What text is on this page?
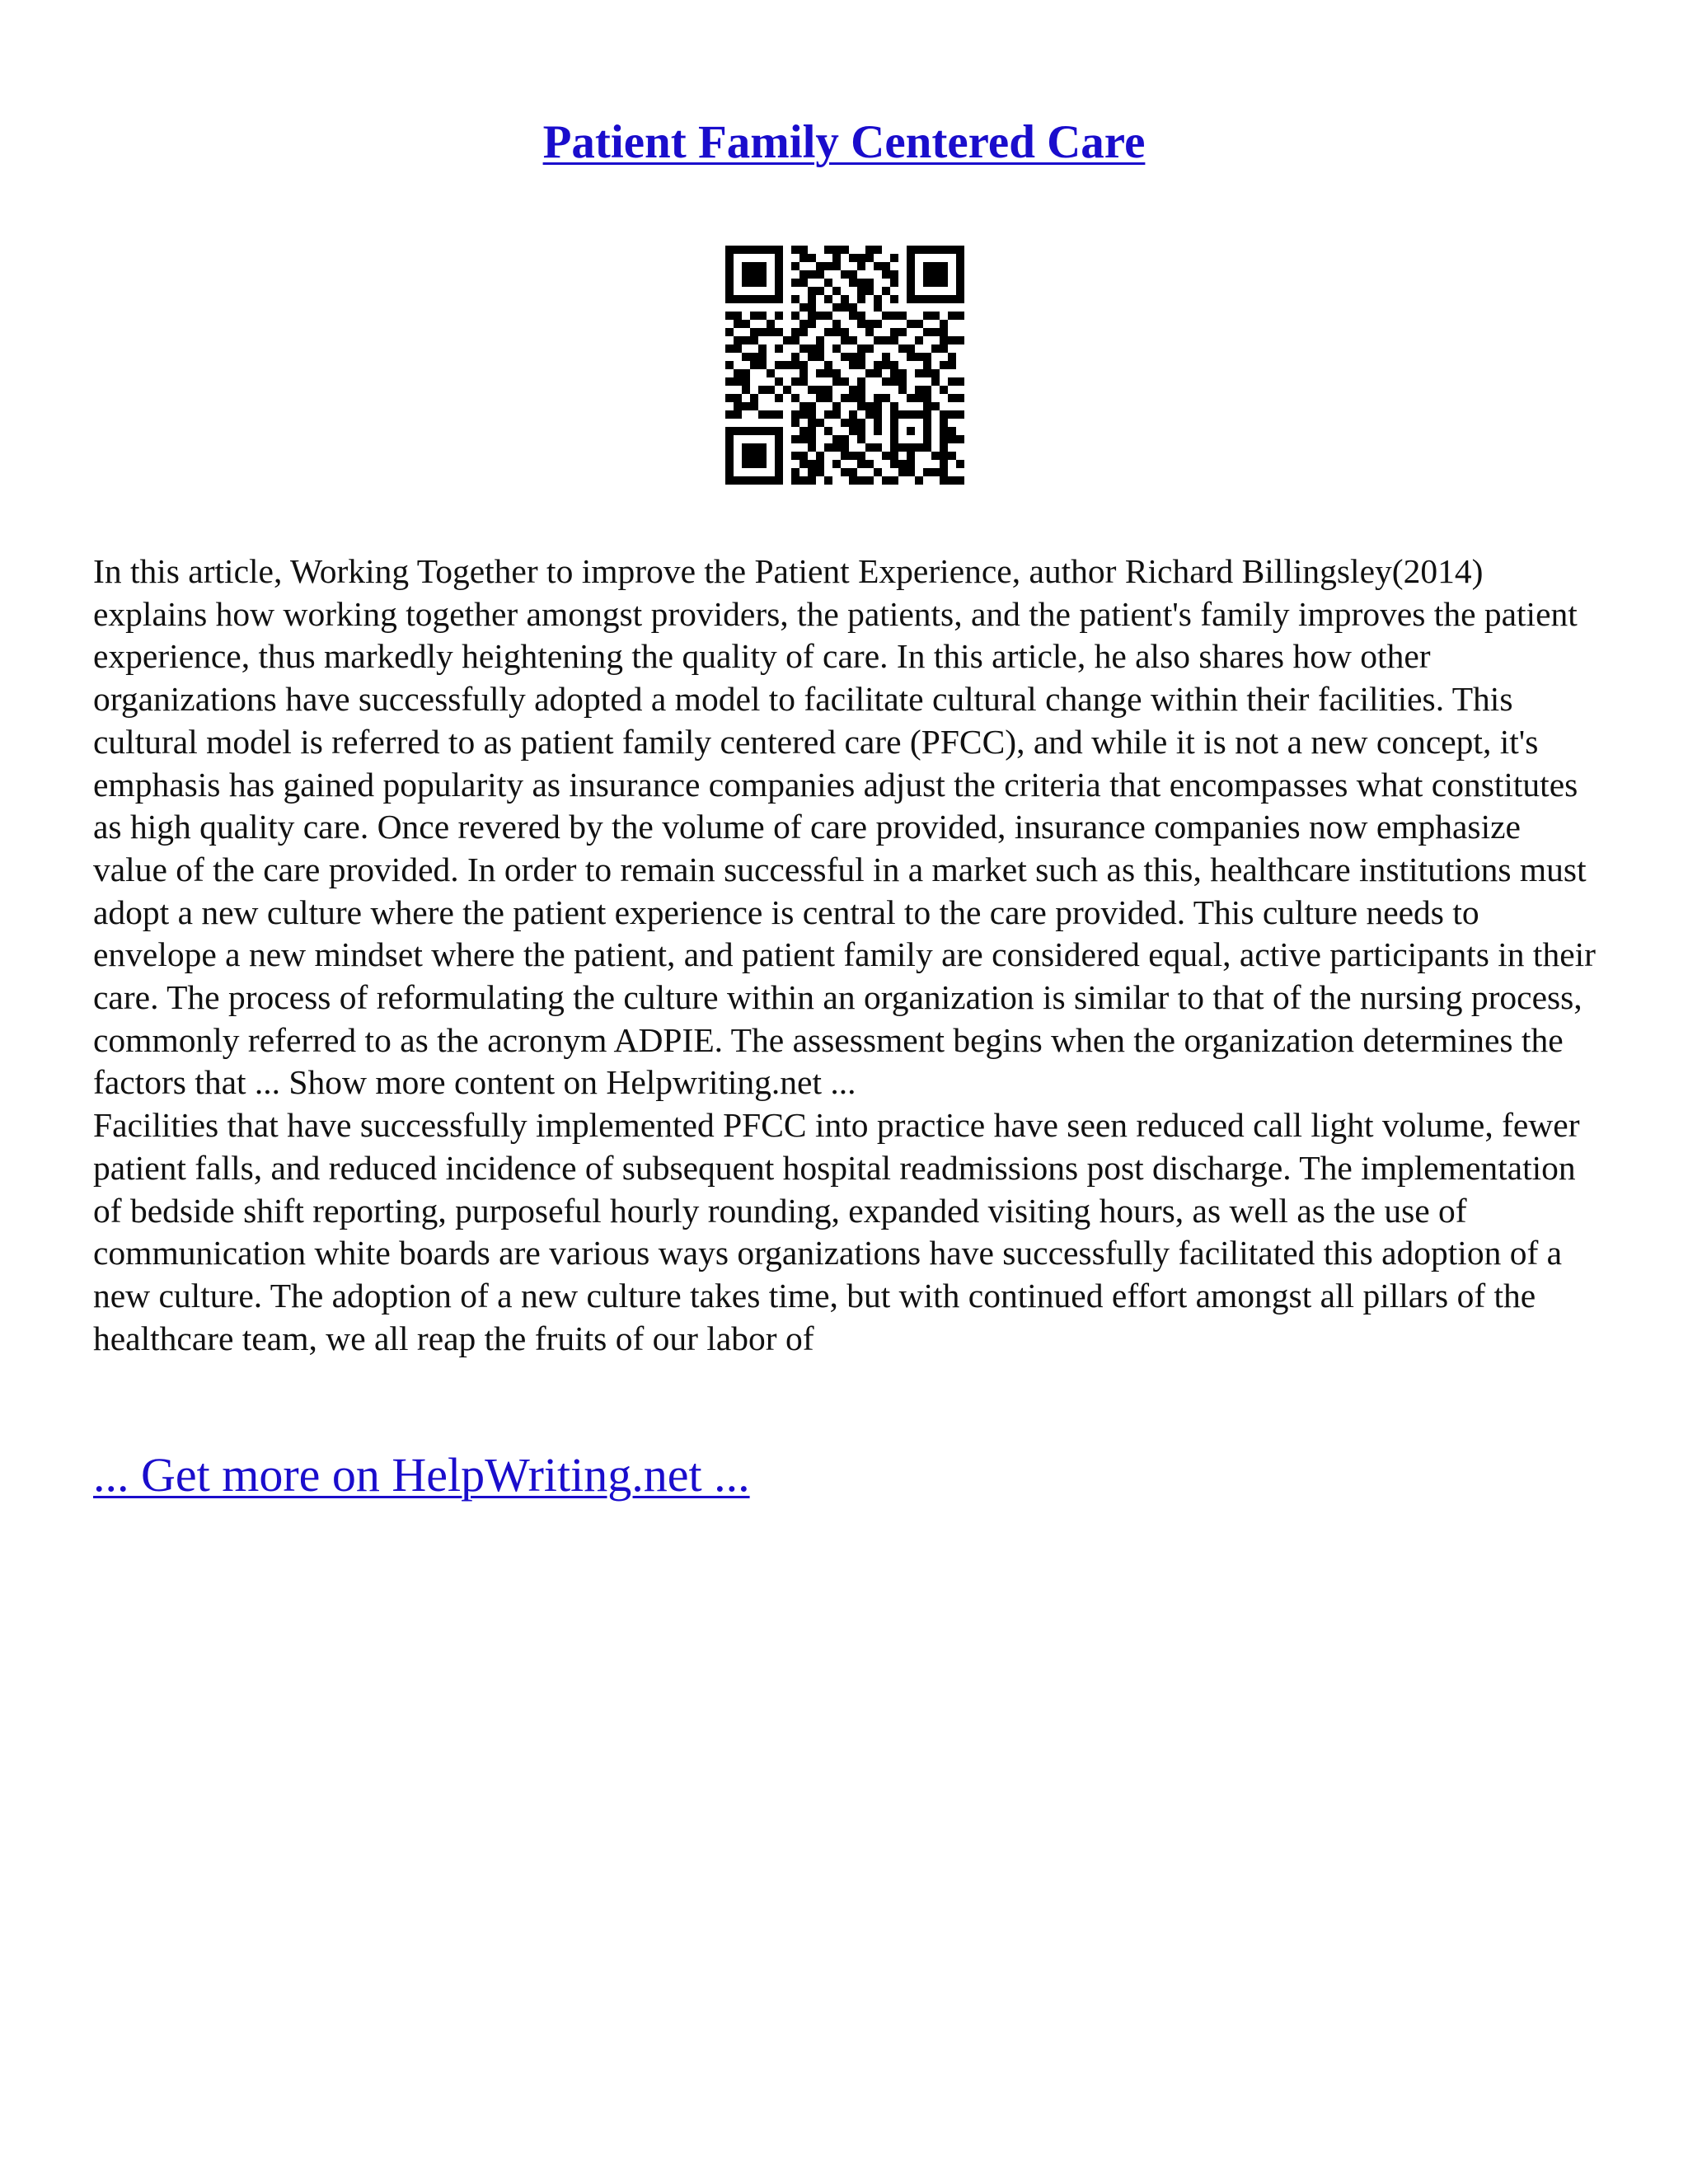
Patient Family Centered Care

In this article, Working Together to improve the Patient Experience, author Richard Billingsley(2014) explains how working together amongst providers, the patients, and the patient's family improves the patient experience, thus markedly heightening the quality of care. In this article, he also shares how other organizations have successfully adopted a model to facilitate cultural change within their facilities. This cultural model is referred to as patient family centered care (PFCC), and while it is not a new concept, it's emphasis has gained popularity as insurance companies adjust the criteria that encompasses what constitutes as high quality care. Once revered by the volume of care provided, insurance companies now emphasize value of the care provided. In order to remain successful in a market such as this, healthcare institutions must adopt a new culture where the patient experience is central to the care provided. This culture needs to envelope a new mindset where the patient, and patient family are considered equal, active participants in their care. The process of reformulating the culture within an organization is similar to that of the nursing process, commonly referred to as the acronym ADPIE. The assessment begins when the organization determines the factors that ... Show more content on Helpwriting.net ...

Facilities that have successfully implemented PFCC into practice have seen reduced call light volume, fewer patient falls, and reduced incidence of subsequent hospital readmissions post discharge. The implementation of bedside shift reporting, purposeful hourly rounding, expanded visiting hours, as well as the use of communication white boards are various ways organizations have successfully facilitated this adoption of a new culture. The adoption of a new culture takes time, but with continued effort amongst all pillars of the healthcare team, we all reap the fruits of our labor of

... Get more on HelpWriting.net ...
